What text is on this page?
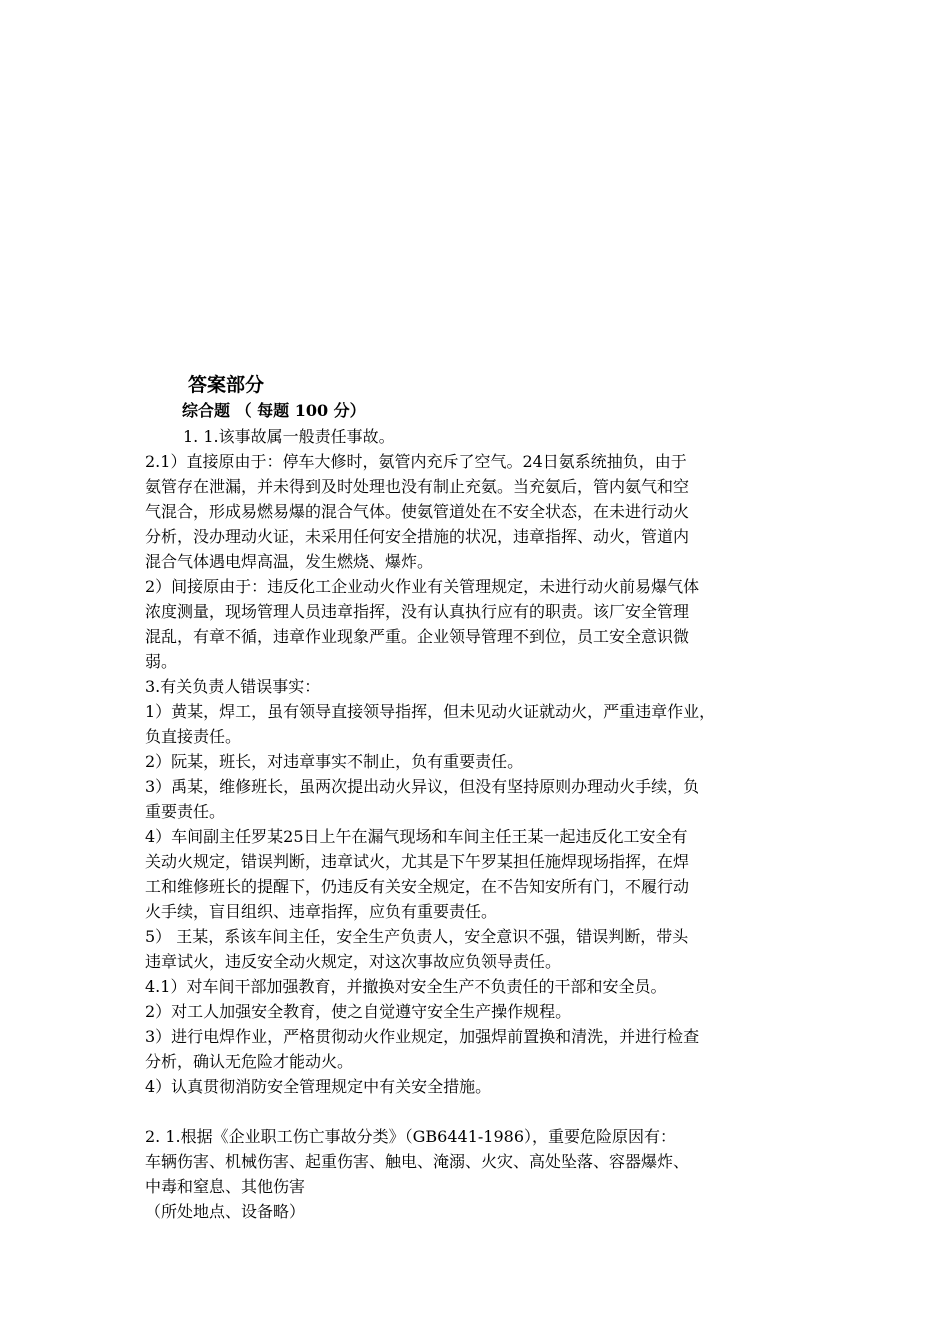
答案部分
综合题 （ 每题 100 分）
1. 1.该事故属一般责任事故。
2.1）直接原由于：停车大修时，氨管内充斥了空气。24日氨系统抽负，由于
氨管存在泄漏，并未得到及时处理也没有制止充氨。当充氨后，管内氨气和空
气混合，形成易燃易爆的混合气体。使氨管道处在不安全状态，在未进行动火
分析，没办理动火证，未采用任何安全措施的状况，违章指挥、动火，管道内
混合气体遇电焊高温，发生燃烧、爆炸。
2）间接原由于：违反化工企业动火作业有关管理规定，未进行动火前易爆气体
浓度测量，现场管理人员违章指挥，没有认真执行应有的职责。该厂安全管理
混乱，有章不循，违章作业现象严重。企业领导管理不到位，员工安全意识微
弱。
3.有关负责人错误事实：
1）黄某，焊工，虽有领导直接领导指挥，但未见动火证就动火，严重违章作业，
负直接责任。
2）阮某，班长，对违章事实不制止，负有重要责任。
3）禹某，维修班长，虽两次提出动火异议，但没有坚持原则办理动火手续，负
重要责任。
4）车间副主任罗某25日上午在漏气现场和车间主任王某一起违反化工安全有
关动火规定，错误判断，违章试火，尤其是下午罗某担任施焊现场指挥，在焊
工和维修班长的提醒下，仍违反有关安全规定，在不告知安所有门，不履行动
火手续，盲目组织、违章指挥，应负有重要责任。
5） 王某，系该车间主任，安全生产负责人，安全意识不强，错误判断，带头
违章试火，违反安全动火规定，对这次事故应负领导责任。
4.1）对车间干部加强教育，并撤换对安全生产不负责任的干部和安全员。
2）对工人加强安全教育，使之自觉遵守安全生产操作规程。
3）进行电焊作业，严格贯彻动火作业规定，加强焊前置换和清洗，并进行检查
分析，确认无危险才能动火。
4）认真贯彻消防安全管理规定中有关安全措施。
2. 1.根据《企业职工伤亡事故分类》（GB6441-1986），重要危险原因有：
车辆伤害、机械伤害、起重伤害、触电、淹溺、火灾、高处坠落、容器爆炸、
中毒和窒息、其他伤害
（所处地点、设备略）
